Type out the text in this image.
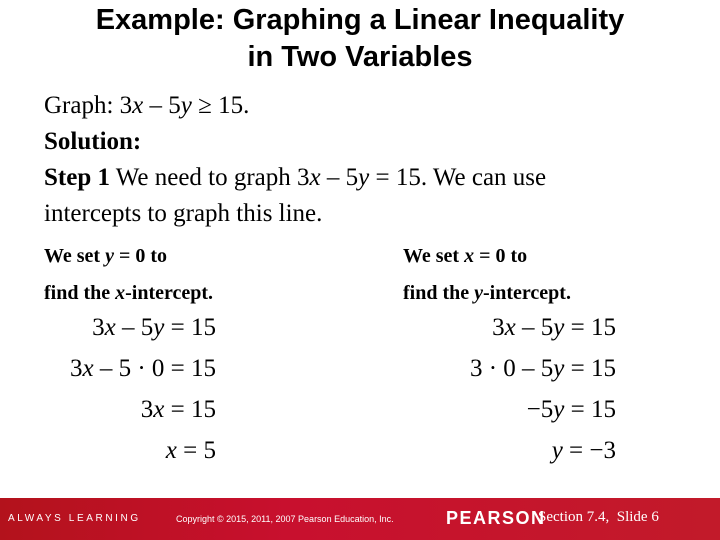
Example: Graphing a Linear Inequality
in Two Variables
Graph: 3x – 5y ≥ 15.
Solution:
Step 1 We need to graph 3x – 5y = 15. We can use
intercepts to graph this line.
We set y = 0 to
find the x-intercept.
We set x = 0 to
find the y-intercept.
3x – 5y = 15
3x – 5 · 0 = 15
3x = 15
x = 5
3x – 5y = 15
3 · 0 – 5y = 15
−5y = 15
y = −3
ALWAYS LEARNING	Copyright © 2015, 2011, 2007 Pearson Education, Inc.	PEARSON
Section 7.4,  Slide 6
